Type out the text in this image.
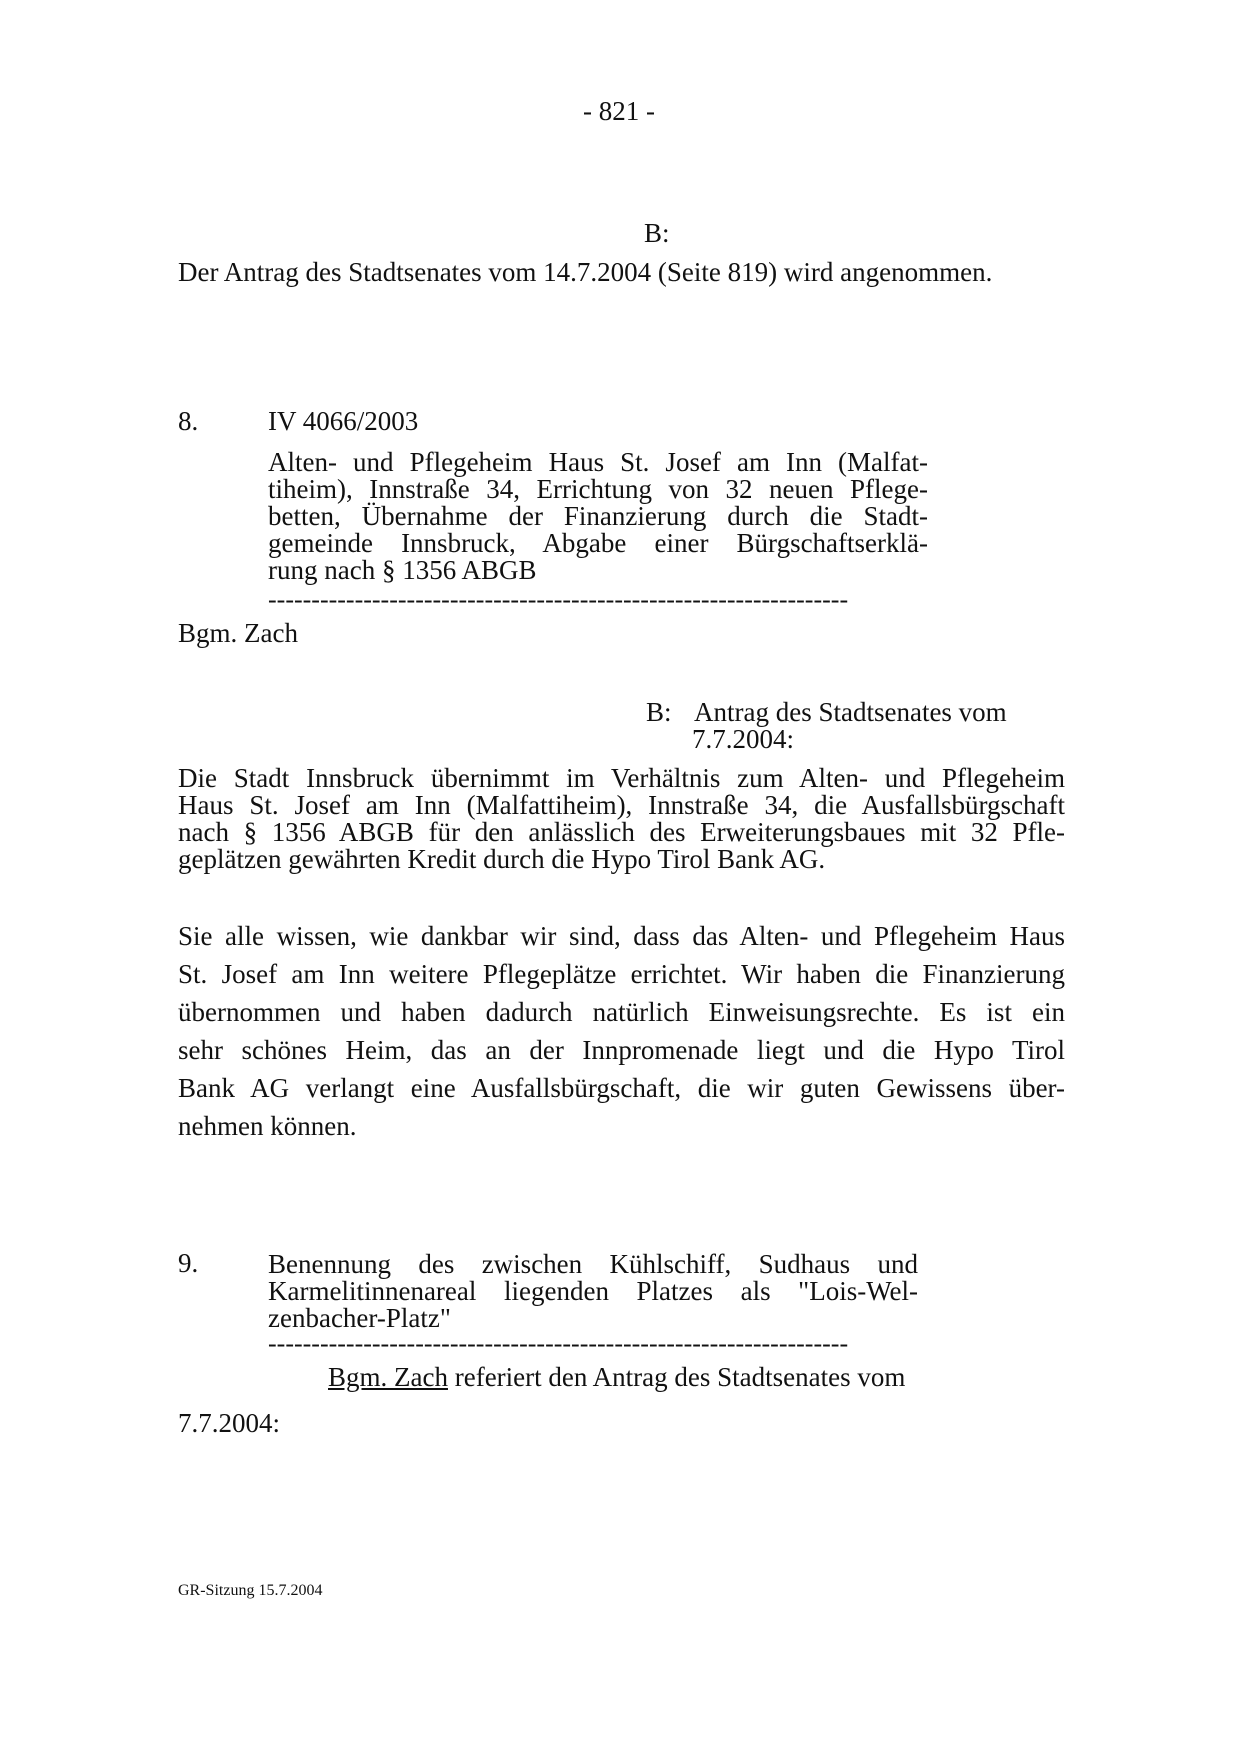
- 821 -
B:
Der Antrag des Stadtsenates vom 14.7.2004 (Seite 819) wird angenommen.
8.	IV 4066/2003
Alten- und Pflegeheim Haus St. Josef am Inn (Malfat-
tiheim), Innstraße 34, Errichtung von 32 neuen Pflege-
betten, Übernahme der Finanzierung durch die Stadt-
gemeinde Innsbruck, Abgabe einer Bürgschaftserklä-
rung nach § 1356 ABGB
-------------------------------------------------------------------
Bgm. Zach
B: Antrag des Stadtsenates vom
7.7.2004:
Die Stadt Innsbruck übernimmt im Verhältnis zum Alten- und Pflegeheim
Haus St. Josef am Inn (Malfattiheim), Innstraße 34, die Ausfallsbürgschaft
nach § 1356 ABGB für den anlässlich des Erweiterungsbaues mit 32 Pfle-
geplätzen gewährten Kredit durch die Hypo Tirol Bank AG.
Sie alle wissen, wie dankbar wir sind, dass das Alten- und Pflegeheim Haus
St. Josef am Inn weitere Pflegeplätze errichtet. Wir haben die Finanzierung
übernommen und haben dadurch natürlich Einweisungsrechte. Es ist ein
sehr schönes Heim, das an der Innpromenade liegt und die Hypo Tirol
Bank AG verlangt eine Ausfallsbürgschaft, die wir guten Gewissens über-
nehmen können.
9.	Benennung des zwischen Kühlschiff, Sudhaus und
Karmelitinnenareal liegenden Platzes als "Lois-Wel-
zenbacher-Platz"
-------------------------------------------------------------------
Bgm. Zach referiert den Antrag des Stadtsenates vom
7.7.2004:
GR-Sitzung 15.7.2004
